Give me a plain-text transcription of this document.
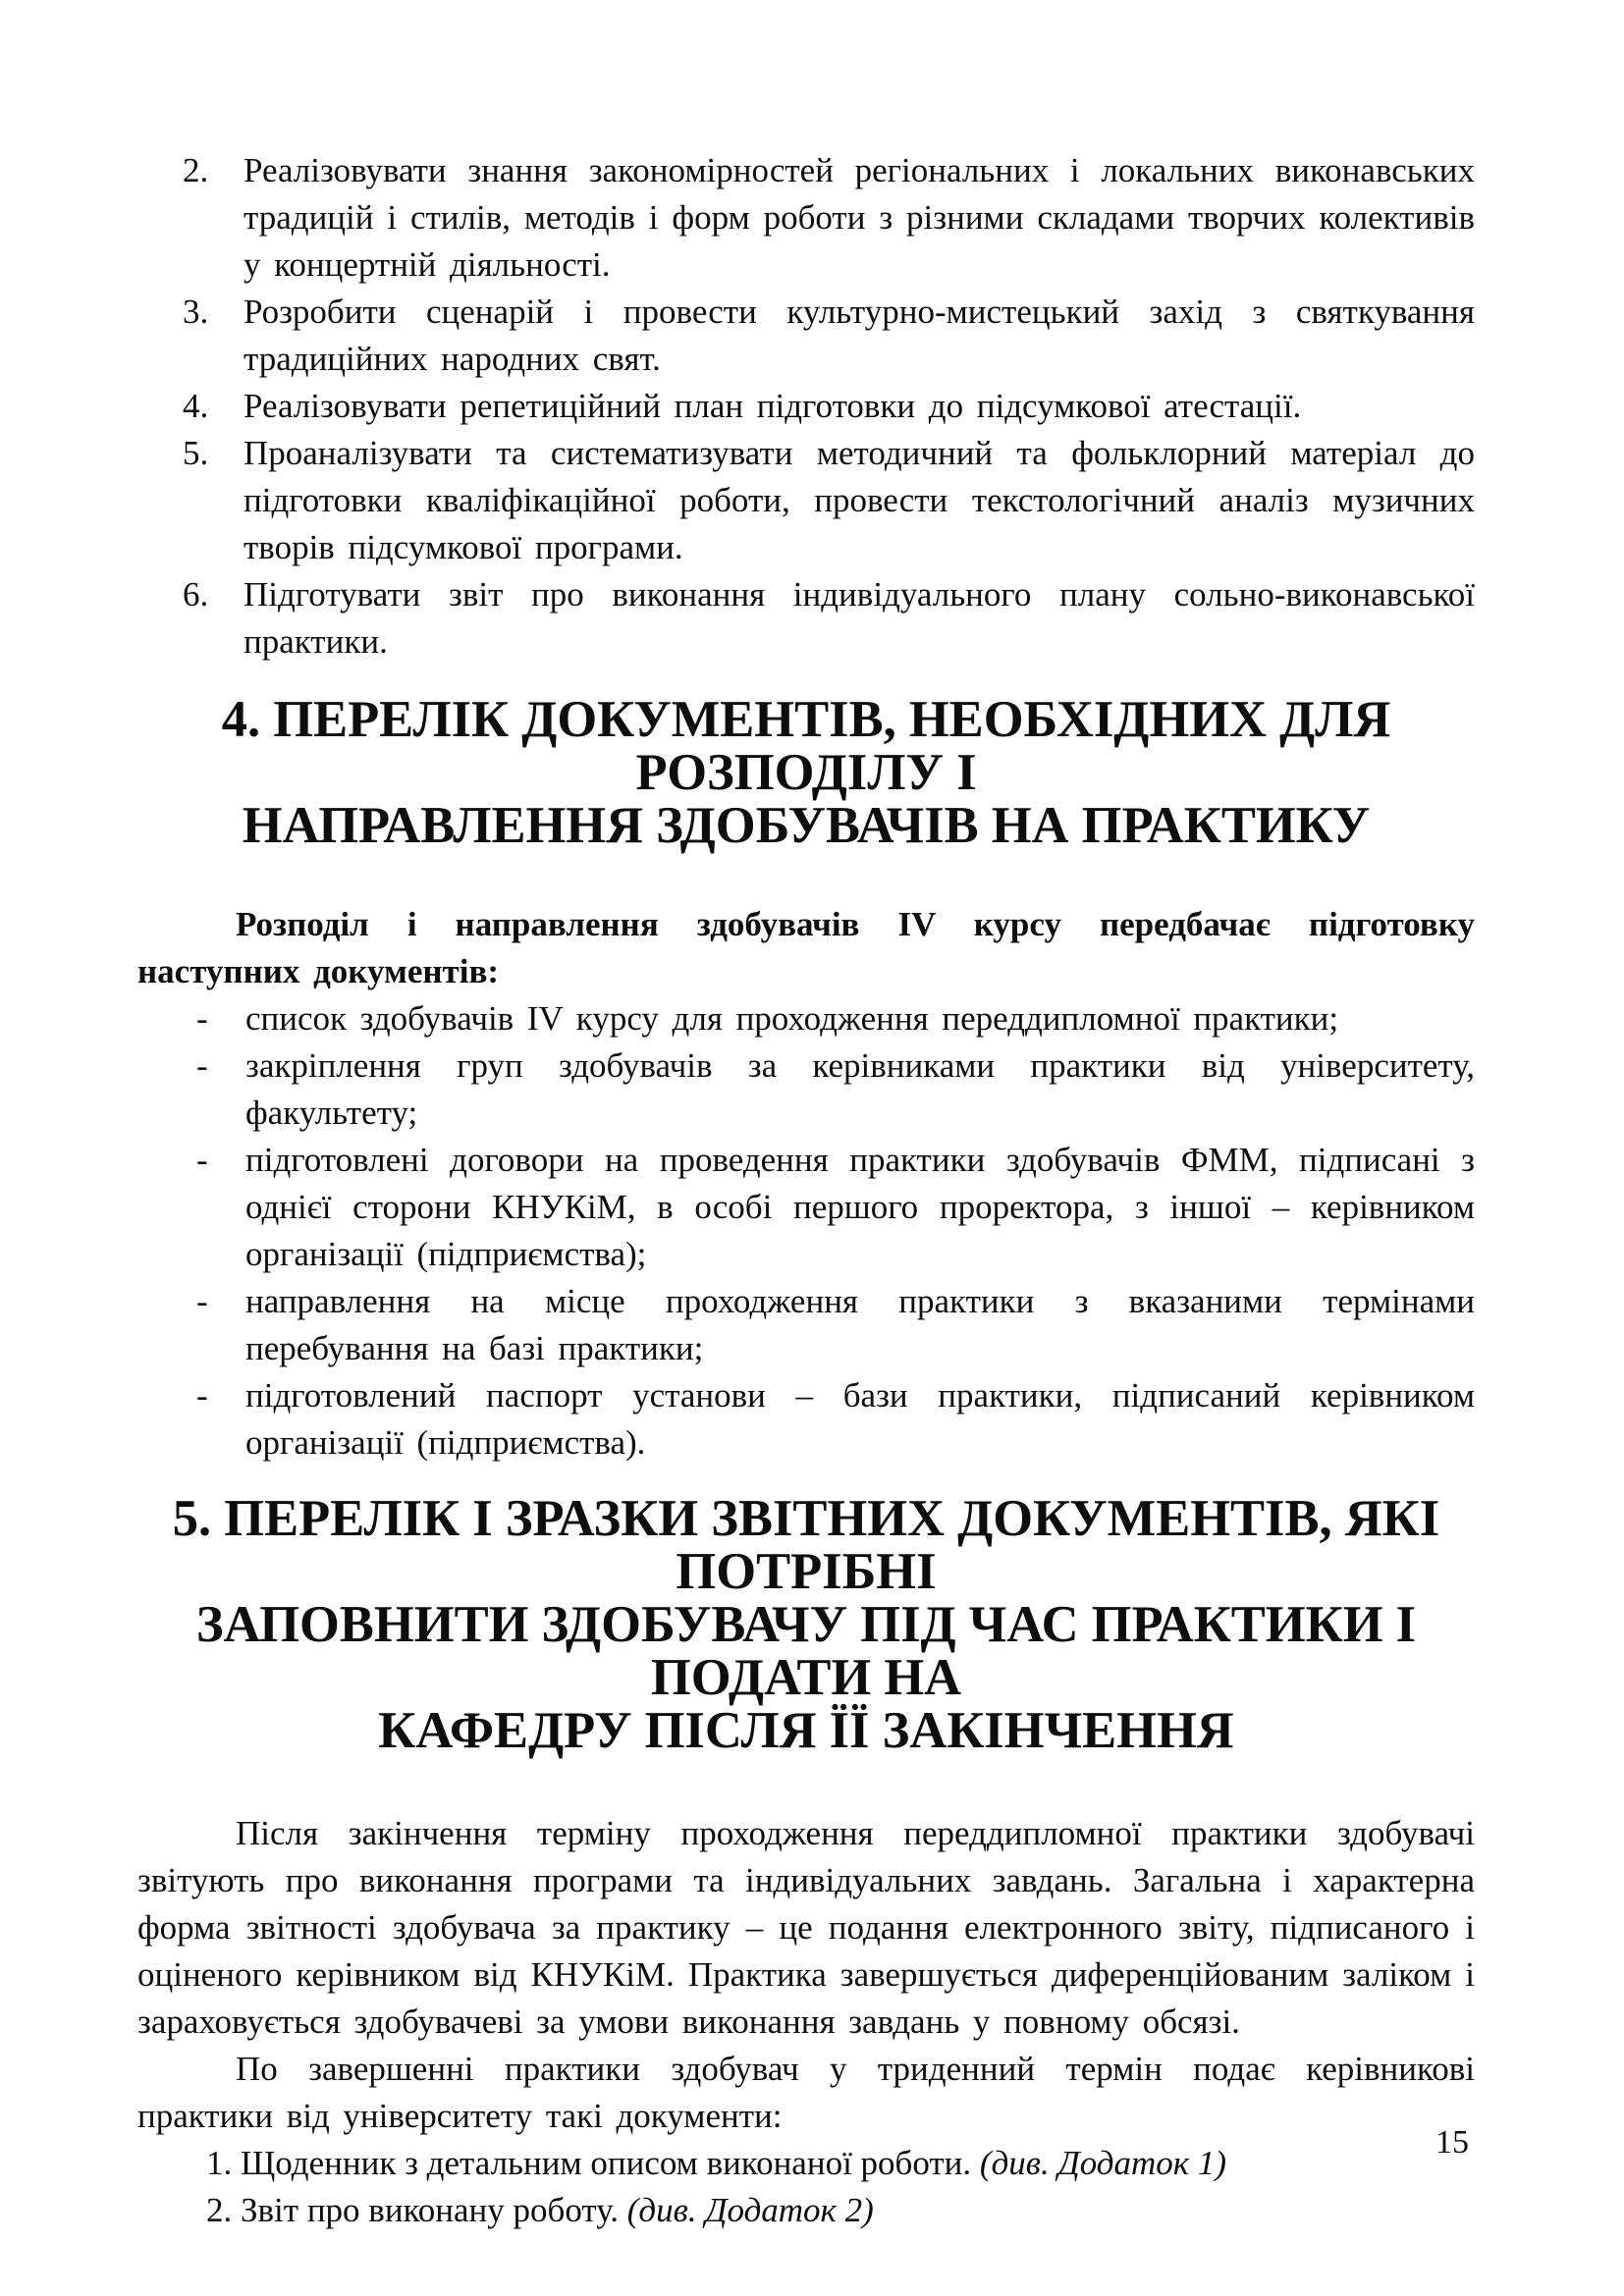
2. Реалізовувати знання закономірностей регіональних і локальних виконавських традицій і стилів, методів і форм роботи з різними складами творчих колективів у концертній діяльності.
3. Розробити сценарій і провести культурно-мистецький захід з святкування традиційних народних свят.
4. Реалізовувати репетиційний план підготовки до підсумкової атестації.
5. Проаналізувати та систематизувати методичний та фольклорний матеріал до підготовки кваліфікаційної роботи, провести текстологічний аналіз музичних творів підсумкової програми.
6. Підготувати звіт про виконання індивідуального плану сольно-виконавської практики.
4. ПЕРЕЛІК ДОКУМЕНТІВ, НЕОБХІДНИХ ДЛЯ РОЗПОДІЛУ І
НАПРАВЛЕННЯ ЗДОБУВАЧІВ НА ПРАКТИКУ

Розподіл і направлення здобувачів IV курсу передбачає підготовку наступних документів:

- список здобувачів IV курсу для проходження переддипломної практики;
- закріплення груп здобувачів за керівниками практики від університету, факультету;
- підготовлені договори на проведення практики здобувачів ФММ, підписані з однієї сторони КНУКіМ, в особі першого проректора, з іншої – керівником організації (підприємства);
- направлення на місце проходження практики з вказаними термінами перебування на базі практики;
- підготовлений паспорт установи – бази практики, підписаний керівником організації (підприємства).
5. ПЕРЕЛІК І ЗРАЗКИ ЗВІТНИХ ДОКУМЕНТІВ, ЯКІ ПОТРІБНІ
ЗАПОВНИТИ ЗДОБУВАЧУ ПІД ЧАС ПРАКТИКИ І ПОДАТИ НА
КАФЕДРУ ПІСЛЯ ЇЇ ЗАКІНЧЕННЯ

Після закінчення терміну проходження переддипломної практики здобувачі звітують про виконання програми та індивідуальних завдань. Загальна і характерна форма звітності здобувача за практику – це подання електронного звіту, підписаного і оціненого керівником від КНУКіМ. Практика завершується диференційованим заліком і зараховується здобувачеві за умови виконання завдань у повному обсязі.

По завершенні практики здобувач у триденний термін подає керівникові практики від університету такі документи:

1. Щоденник з детальним описом виконаної роботи. (див. Додаток 1)
2. Звіт про виконану роботу. (див. Додаток 2)
15
